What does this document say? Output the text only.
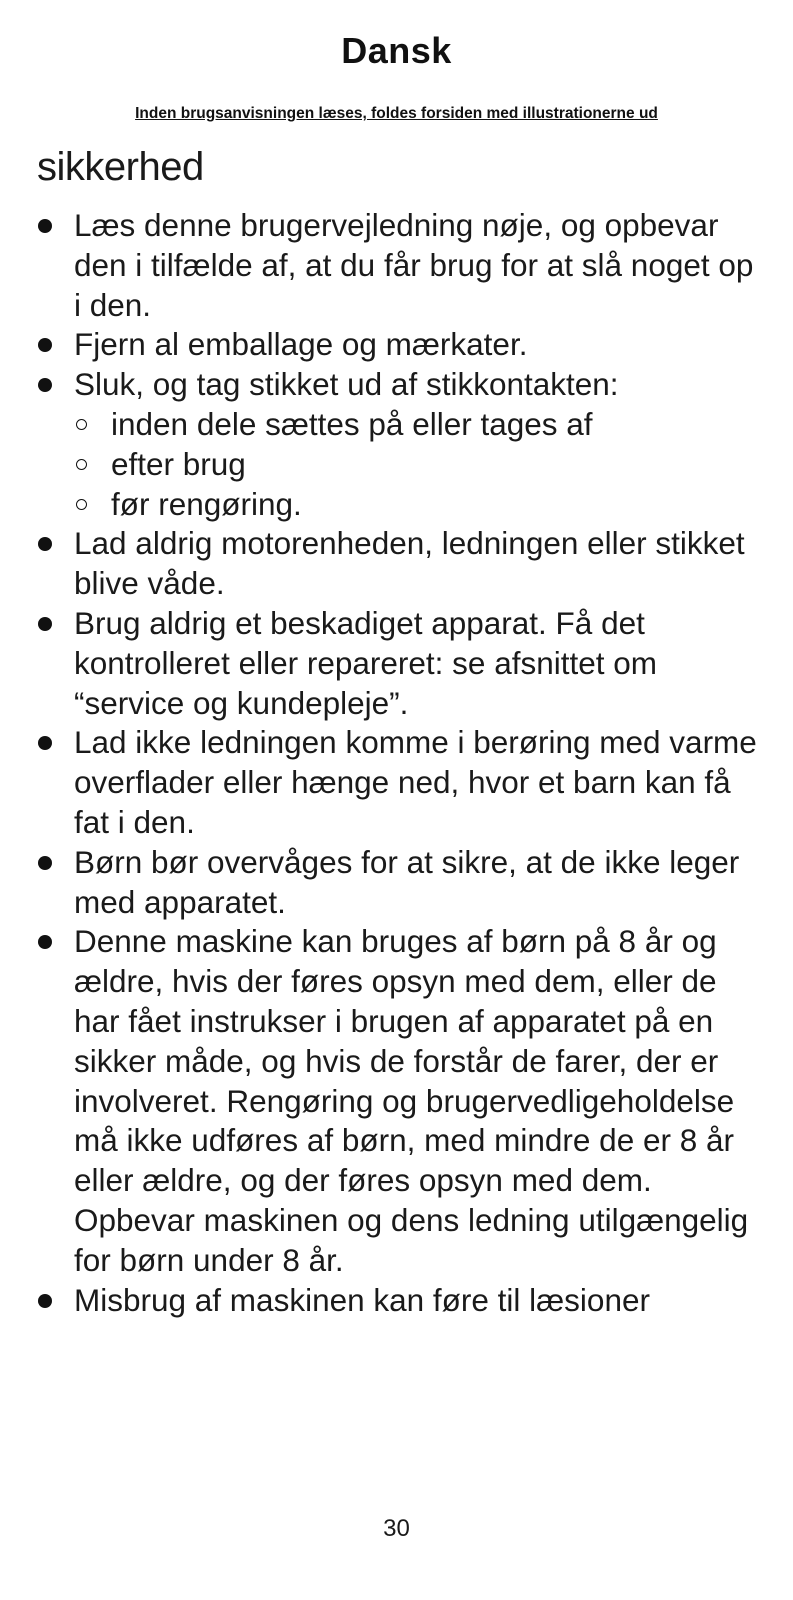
Dansk

Inden brugsanvisningen læses, foldes forsiden med illustrationerne ud

sikkerhed
Læs denne brugervejledning nøje, og opbevar den i tilfælde af, at du får brug for at slå noget op i den.
Fjern al emballage og mærkater.
Sluk, og tag stikket ud af stikkontakten:
inden dele sættes på eller tages af
efter brug
før rengøring.
Lad aldrig motorenheden, ledningen eller stikket blive våde.
Brug aldrig et beskadiget apparat. Få det kontrolleret eller repareret: se afsnittet om “service og kundepleje”.
Lad ikke ledningen komme i berøring med varme overflader eller hænge ned, hvor et barn kan få fat i den.
Børn bør overvåges for at sikre, at de ikke leger med apparatet.
Denne maskine kan bruges af børn på 8 år og ældre, hvis der føres opsyn med dem, eller de har fået instrukser i brugen af apparatet på en sikker måde, og hvis de forstår de farer, der er involveret. Rengøring og brugervedligeholdelse må ikke udføres af børn, med mindre de er 8 år eller ældre, og der føres opsyn med dem. Opbevar maskinen og dens ledning utilgængelig for børn under 8 år.
Misbrug af maskinen kan føre til læsioner
30
